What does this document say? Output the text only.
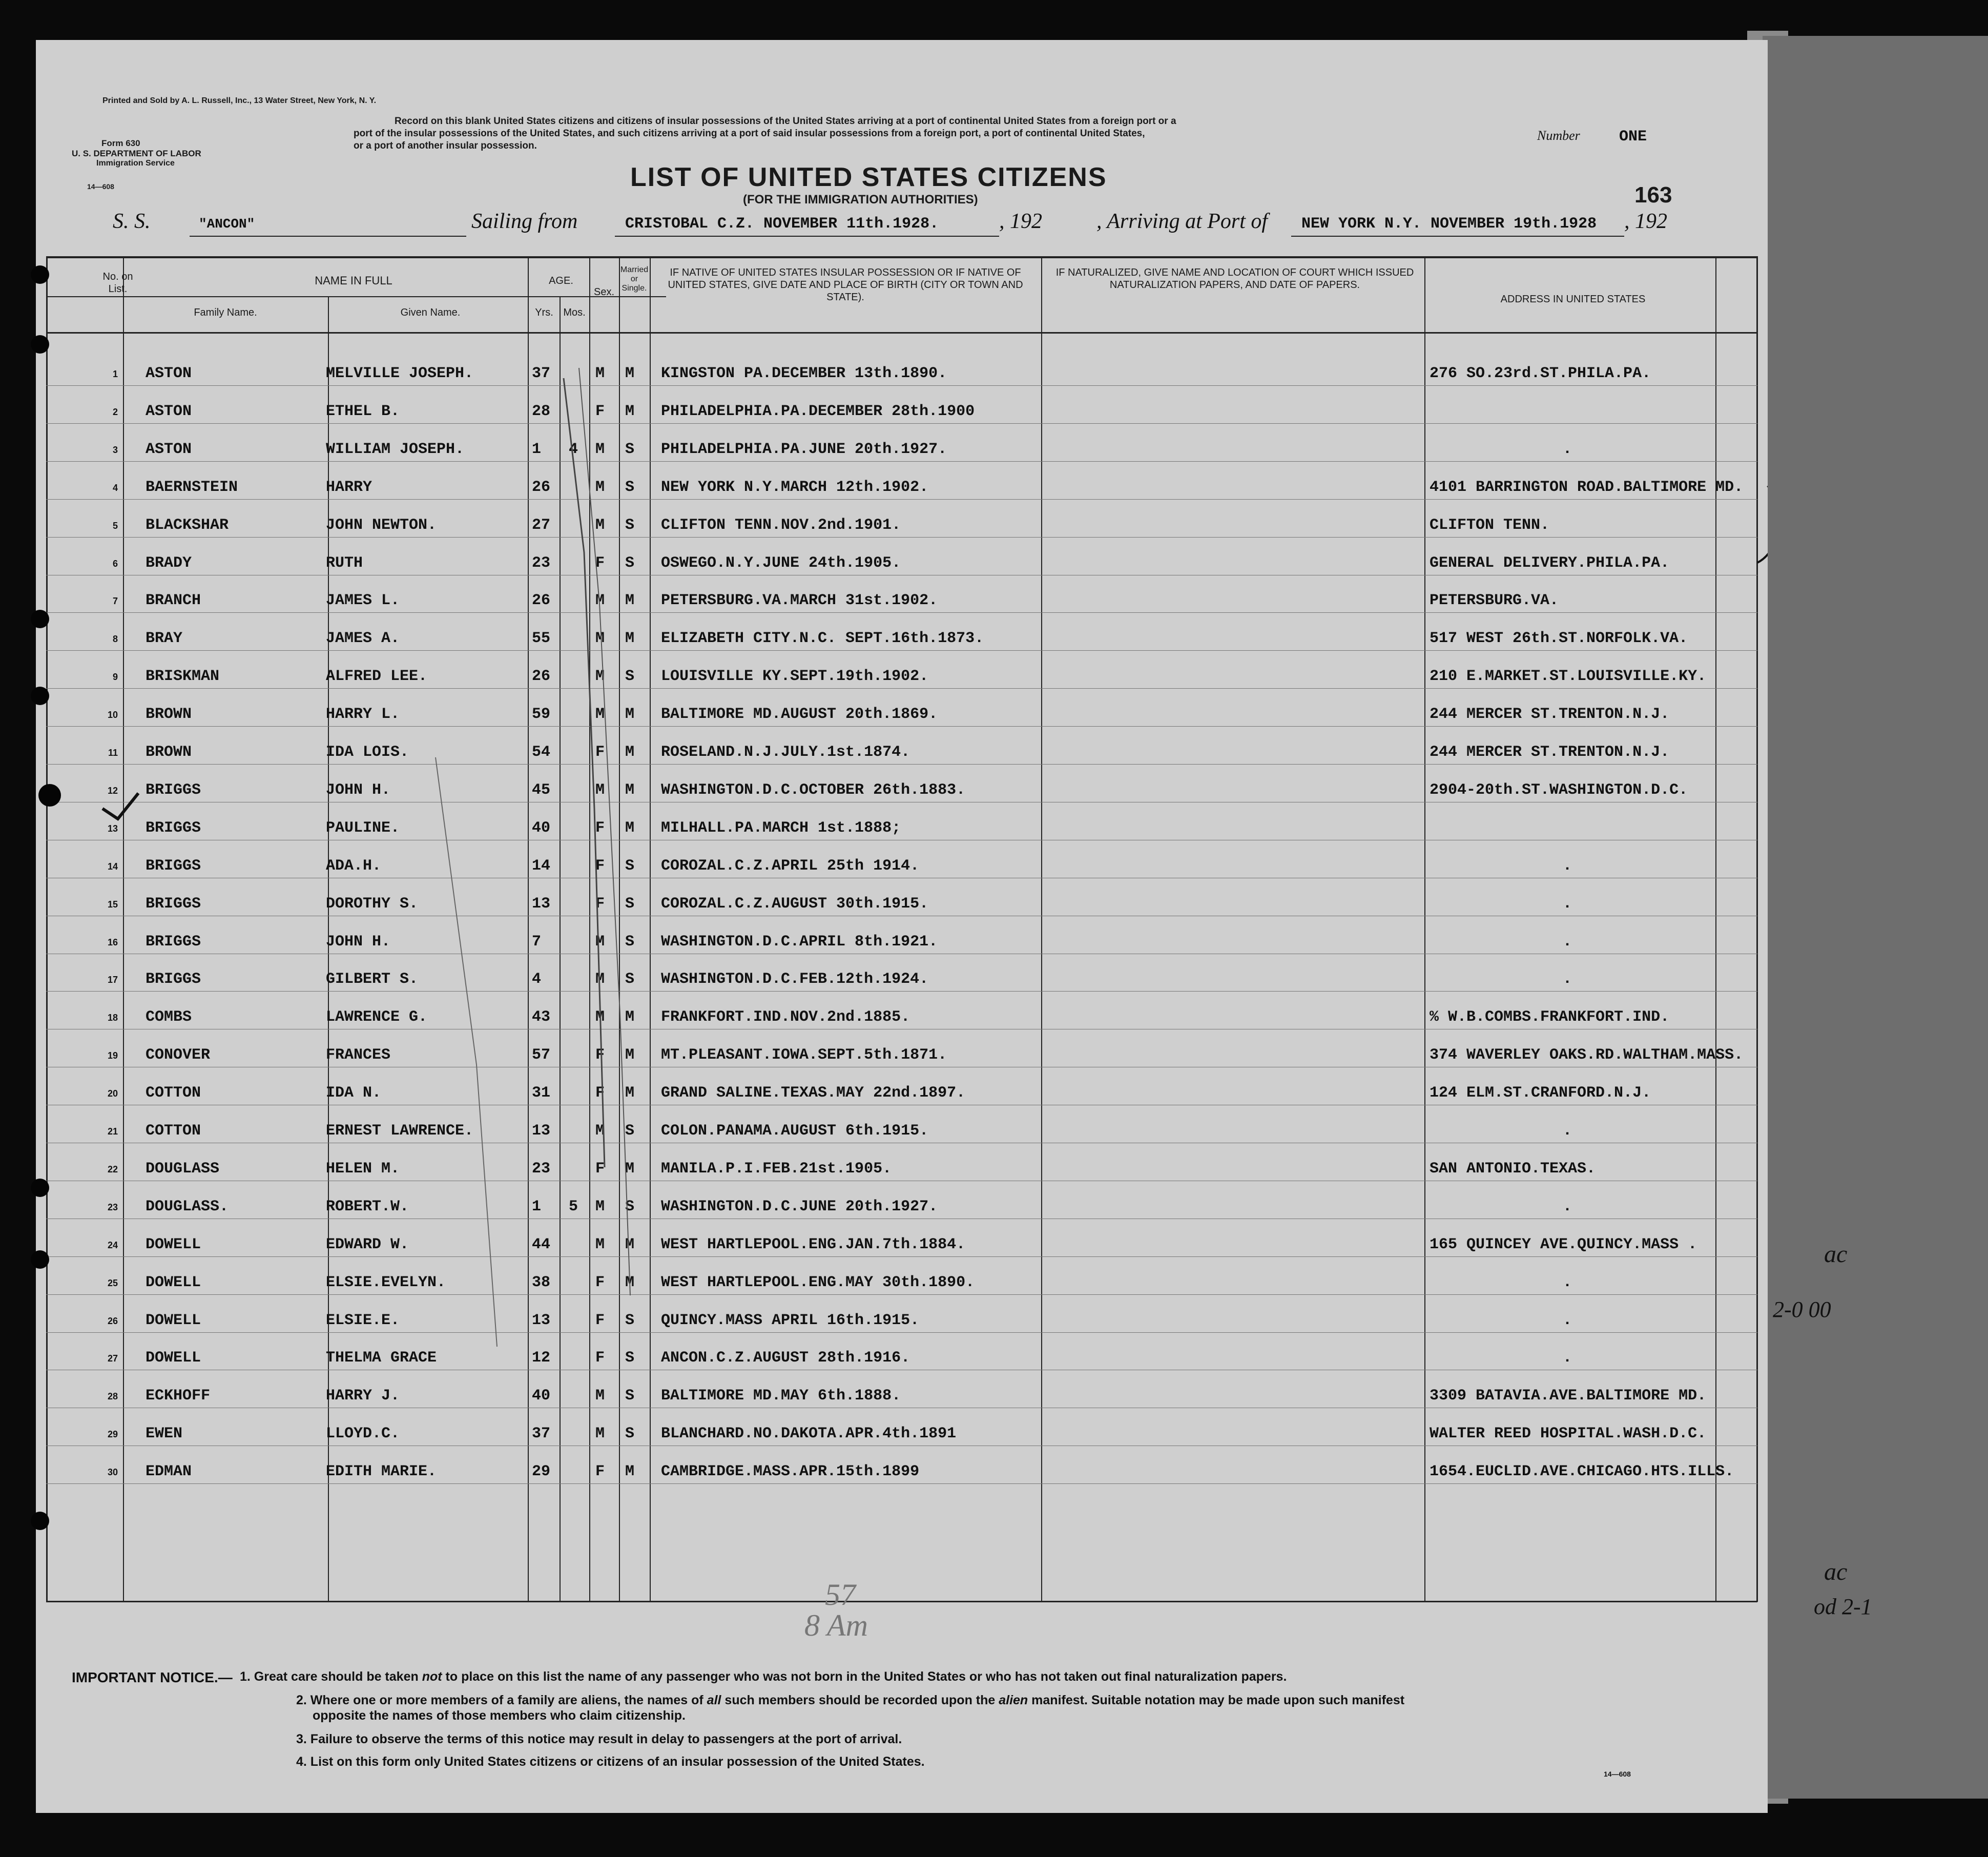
Printed and Sold by A. L. Russell, Inc., 13 Water Street, New York, N. Y.
Form 630
U. S. DEPARTMENT OF LABOR
Immigration Service
14—608
Record on this blank United States citizens and citizens of insular possessions of the United States arriving at a port of continental United States from a foreign port or a
port of the insular possessions of the United States, and such citizens arriving at a port of said insular possessions from a foreign port, a port of continental United States,
or a port of another insular possession.
Number	ONE
LIST OF UNITED STATES CITIZENS
(FOR THE IMMIGRATION AUTHORITIES)	163
S. S.	"ANCON"	Sailing from	CRISTOBAL C.Z. NOVEMBER 11th.1928.	, 192	, Arriving at Port of NEW YORK N.Y. NOVEMBER 19th.1928 , 192
No. on List.
NAME IN FULL
Family Name.	Given Name.
AGE.
Yrs. Mos.
Sex.
Married or Single.
IF NATIVE OF UNITED STATES INSULAR POSSESSION OR IF NATIVE OF UNITED STATES, GIVE DATE AND PLACE OF BIRTH (CITY OR TOWN AND STATE).
IF NATURALIZED, GIVE NAME AND LOCATION OF COURT WHICH ISSUED NATURALIZATION PAPERS, AND DATE OF PAPERS.
ADDRESS IN UNITED STATES
1 ASTON	MELVILLE JOSEPH.	37	M M KINGSTON PA.DECEMBER 13th.1890.	276 SO.23rd.ST.PHILA.PA.
2 ASTON	ETHEL B.	28	F M PHILADELPHIA.PA.DECEMBER 28th.1900
3 ASTON	WILLIAM JOSEPH.	1 4 M S PHILADELPHIA.PA.JUNE 20th.1927.	.
4 BAERNSTEIN	HARRY	26	M S NEW YORK N.Y.MARCH 12th.1902.	4101 BARRINGTON ROAD.BALTIMORE MD.
5 BLACKSHAR	JOHN NEWTON.	27	M S CLIFTON TENN.NOV.2nd.1901.	CLIFTON TENN.
6 BRADY	RUTH	23	F S OSWEGO.N.Y.JUNE 24th.1905.	GENERAL DELIVERY.PHILA.PA.
7 BRANCH	JAMES L.	26	M M PETERSBURG.VA.MARCH 31st.1902.	PETERSBURG.VA.
8 BRAY	JAMES A.	55	M M ELIZABETH CITY.N.C. SEPT.16th.1873.	517 WEST 26th.ST.NORFOLK.VA.
9 BRISKMAN	ALFRED LEE.	26	M S LOUISVILLE KY.SEPT.19th.1902.	210 E.MARKET.ST.LOUISVILLE.KY.
10 BROWN	HARRY L.	59	M M BALTIMORE MD.AUGUST 20th.1869.	244 MERCER ST.TRENTON.N.J.
11 BROWN	IDA LOIS.	54	F M ROSELAND.N.J.JULY.1st.1874.	244 MERCER ST.TRENTON.N.J.
12 BRIGGS	JOHN H.	45	M M WASHINGTON.D.C.OCTOBER 26th.1883.	2904-20th.ST.WASHINGTON.D.C.
13 BRIGGS	PAULINE.	40	F M MILHALL.PA.MARCH 1st.1888;
14 BRIGGS	ADA.H.	14	F S COROZAL.C.Z.APRIL 25th 1914.	.
15 BRIGGS	DOROTHY S.	13	F S COROZAL.C.Z.AUGUST 30th.1915.	.
16 BRIGGS	JOHN H.	7	M S WASHINGTON.D.C.APRIL 8th.1921.	.
17 BRIGGS	GILBERT S.	4	M S WASHINGTON.D.C.FEB.12th.1924.	.
18 COMBS	LAWRENCE G.	43	M M FRANKFORT.IND.NOV.2nd.1885.	% W.B.COMBS.FRANKFORT.IND.
19 CONOVER	FRANCES	57	F M MT.PLEASANT.IOWA.SEPT.5th.1871.	374 WAVERLEY OAKS.RD.WALTHAM.MASS.
20 COTTON	IDA N.	31	F M GRAND SALINE.TEXAS.MAY 22nd.1897.	124 ELM.ST.CRANFORD.N.J.
21 COTTON	ERNEST LAWRENCE.	13	M S COLON.PANAMA.AUGUST 6th.1915.	.
22 DOUGLASS	HELEN M.	23	F M MANILA.P.I.FEB.21st.1905.	SAN ANTONIO.TEXAS.
23 DOUGLASS.	ROBERT.W.	1 5 M S WASHINGTON.D.C.JUNE 20th.1927.	.
24 DOWELL	EDWARD W.	44	M M WEST HARTLEPOOL.ENG.JAN.7th.1884.	165 QUINCEY AVE.QUINCY.MASS .
25 DOWELL	ELSIE.EVELYN.	38	F M WEST HARTLEPOOL.ENG.MAY 30th.1890.	.
26 DOWELL	ELSIE.E.	13	F S QUINCY.MASS APRIL 16th.1915.	.
27 DOWELL	THELMA GRACE	12	F S ANCON.C.Z.AUGUST 28th.1916.	.
28 ECKHOFF	HARRY J.	40	M S BALTIMORE MD.MAY 6th.1888.	3309 BATAVIA.AVE.BALTIMORE MD.
29 EWEN	LLOYD.C.	37	M S BLANCHARD.NO.DAKOTA.APR.4th.1891	WALTER REED HOSPITAL.WASH.D.C.
30 EDMAN	EDITH MARIE.	29	F M CAMBRIDGE.MASS.APR.15th.1899	1654.EUCLID.AVE.CHICAGO.HTS.ILLS.
57
8 Am
IMPORTANT NOTICE.— 1. Great care should be taken not to place on this list the name of any passenger who was not born in the United States or who has not taken out final naturalization papers.
2. Where one or more members of a family are aliens, the names of all such members should be recorded upon the alien manifest. Suitable notation may be made upon such manifest
opposite the names of those members who claim citizenship.
3. Failure to observe the terms of this notice may result in delay to passengers at the port of arrival.
4. List on this form only United States citizens or citizens of an insular possession of the United States.
14—608
ac
2-0 00
ac
od 2-1
